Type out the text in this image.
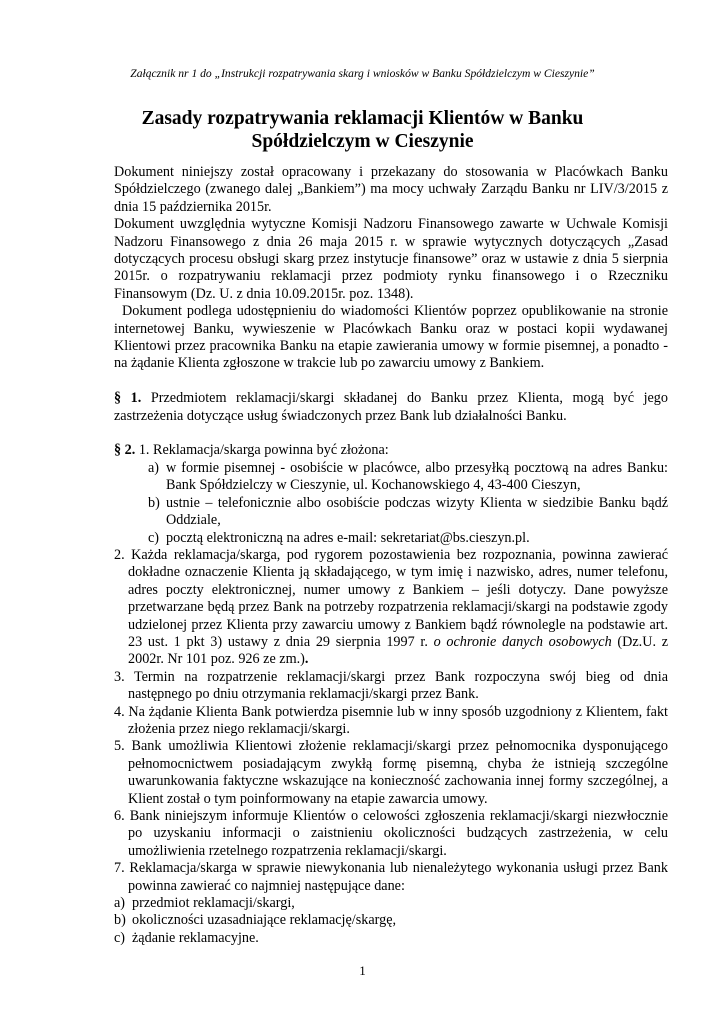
Załącznik nr 1 do „Instrukcji rozpatrywania skarg i wniosków w Banku Spółdzielczym w Cieszynie”
Zasady rozpatrywania reklamacji Klientów w Banku
Spółdzielczym w Cieszynie

Dokument niniejszy został opracowany i przekazany do stosowania w Placówkach Banku Spółdzielczego (zwanego dalej „Bankiem”) ma mocy uchwały Zarządu Banku nr LIV/3/2015 z dnia 15 października 2015r.

Dokument uwzględnia wytyczne Komisji Nadzoru Finansowego zawarte w Uchwale Komisji Nadzoru Finansowego z dnia 26 maja 2015 r. w sprawie wytycznych dotyczących „Zasad dotyczących procesu obsługi skarg przez instytucje finansowe” oraz w ustawie z dnia 5 sierpnia 2015r. o rozpatrywaniu reklamacji przez podmioty rynku finansowego i o Rzeczniku Finansowym (Dz. U. z dnia 10.09.2015r. poz. 1348).

Dokument podlega udostępnieniu do wiadomości Klientów poprzez opublikowanie na stronie internetowej Banku, wywieszenie w Placówkach Banku oraz w postaci kopii wydawanej Klientowi przez pracownika Banku na etapie zawierania umowy w formie pisemnej, a ponadto - na żądanie Klienta zgłoszone w trakcie lub po zawarciu umowy z Bankiem.

§ 1. Przedmiotem reklamacji/skargi składanej do Banku przez Klienta, mogą być jego zastrzeżenia dotyczące usług świadczonych przez Bank lub działalności Banku.

§ 2. 1. Reklamacja/skarga powinna być złożona:

a) w formie pisemnej - osobiście w placówce, albo przesyłką pocztową na adres Banku: Bank Spółdzielczy w Cieszynie, ul. Kochanowskiego 4, 43-400 Cieszyn,

b) ustnie – telefonicznie albo osobiście podczas wizyty Klienta w siedzibie Banku bądź Oddziale,

c) pocztą elektroniczną na adres e-mail: sekretariat@bs.cieszyn.pl.

2. Każda reklamacja/skarga, pod rygorem pozostawienia bez rozpoznania, powinna zawierać dokładne oznaczenie Klienta ją składającego, w tym imię i nazwisko, adres, numer telefonu, adres poczty elektronicznej, numer umowy z Bankiem – jeśli dotyczy. Dane powyższe przetwarzane będą przez Bank na potrzeby rozpatrzenia reklamacji/skargi na podstawie zgody udzielonej przez Klienta przy zawarciu umowy z Bankiem bądź równolegle na podstawie art. 23 ust. 1 pkt 3) ustawy z dnia 29 sierpnia 1997 r. o ochronie danych osobowych (Dz.U. z 2002r. Nr 101 poz. 926 ze zm.).

3. Termin na rozpatrzenie reklamacji/skargi przez Bank rozpoczyna swój bieg od dnia następnego po dniu otrzymania reklamacji/skargi przez Bank.

4. Na żądanie Klienta Bank potwierdza pisemnie lub w inny sposób uzgodniony z Klientem, fakt złożenia przez niego reklamacji/skargi.

5. Bank umożliwia Klientowi złożenie reklamacji/skargi przez pełnomocnika dysponującego pełnomocnictwem posiadającym zwykłą formę pisemną, chyba że istnieją szczególne uwarunkowania faktyczne wskazujące na konieczność zachowania innej formy szczególnej, a Klient został o tym poinformowany na etapie zawarcia umowy.

6. Bank niniejszym informuje Klientów o celowości zgłoszenia reklamacji/skargi niezwłocznie po uzyskaniu informacji o zaistnieniu okoliczności budzących zastrzeżenia, w celu umożliwienia rzetelnego rozpatrzenia reklamacji/skargi.

7. Reklamacja/skarga w sprawie niewykonania lub nienależytego wykonania usługi przez Bank powinna zawierać co najmniej następujące dane:

a) przedmiot reklamacji/skargi,

b) okoliczności uzasadniające reklamację/skargę,

c) żądanie reklamacyjne.

1
